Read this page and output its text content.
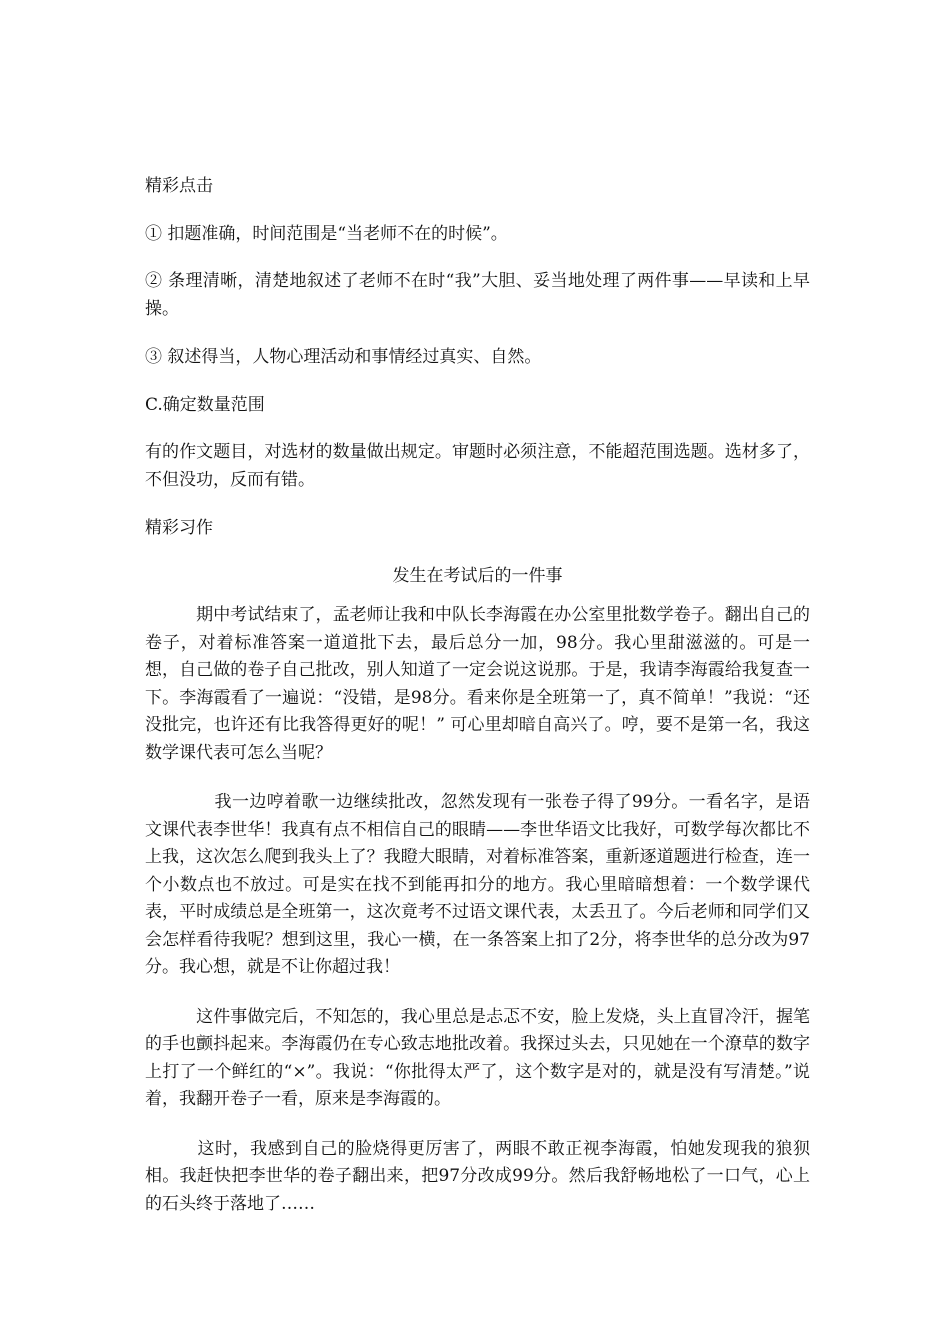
精彩点击

① 扣题准确，时间范围是“当老师不在的时候”。

② 条理清晰，清楚地叙述了老师不在时“我”大胆、妥当地处理了两件事——早读和上早操。

③ 叙述得当，人物心理活动和事情经过真实、自然。

C.确定数量范围

有的作文题目，对选材的数量做出规定。审题时必须注意，不能超范围选题。选材多了，不但没功，反而有错。

精彩习作

发生在考试后的一件事

　　　期中考试结束了，孟老师让我和中队长李海霞在办公室里批数学卷子。翻出自己的卷子，对着标准答案一道道批下去，最后总分一加，98分。我心里甜滋滋的。可是一想，自己做的卷子自己批改，别人知道了一定会说这说那。于是，我请李海霞给我复查一下。李海霞看了一遍说：“没错，是98分。看来你是全班第一了，真不简单！”我说：“还没批完，也许还有比我答得更好的呢！” 可心里却暗自高兴了。哼，要不是第一名，我这数学课代表可怎么当呢？

　　　　我一边哼着歌一边继续批改，忽然发现有一张卷子得了99分。一看名字，是语文课代表李世华！我真有点不相信自己的眼睛——李世华语文比我好，可数学每次都比不上我，这次怎么爬到我头上了？我瞪大眼睛，对着标准答案，重新逐道题进行检查，连一个小数点也不放过。可是实在找不到能再扣分的地方。我心里暗暗想着：一个数学课代表，平时成绩总是全班第一，这次竟考不过语文课代表，太丢丑了。今后老师和同学们又会怎样看待我呢？想到这里，我心一横，在一条答案上扣了2分，将李世华的总分改为97分。我心想，就是不让你超过我！

　　　这件事做完后，不知怎的，我心里总是忐忑不安，脸上发烧，头上直冒冷汗，握笔的手也颤抖起来。李海霞仍在专心致志地批改着。我探过头去，只见她在一个潦草的数字上打了一个鲜红的“×”。我说：“你批得太严了，这个数字是对的，就是没有写清楚。”说着，我翻开卷子一看，原来是李海霞的。

　　　这时，我感到自己的脸烧得更厉害了，两眼不敢正视李海霞，怕她发现我的狼狈相。我赶快把李世华的卷子翻出来，把97分改成99分。然后我舒畅地松了一口气，心上的石头终于落地了……
